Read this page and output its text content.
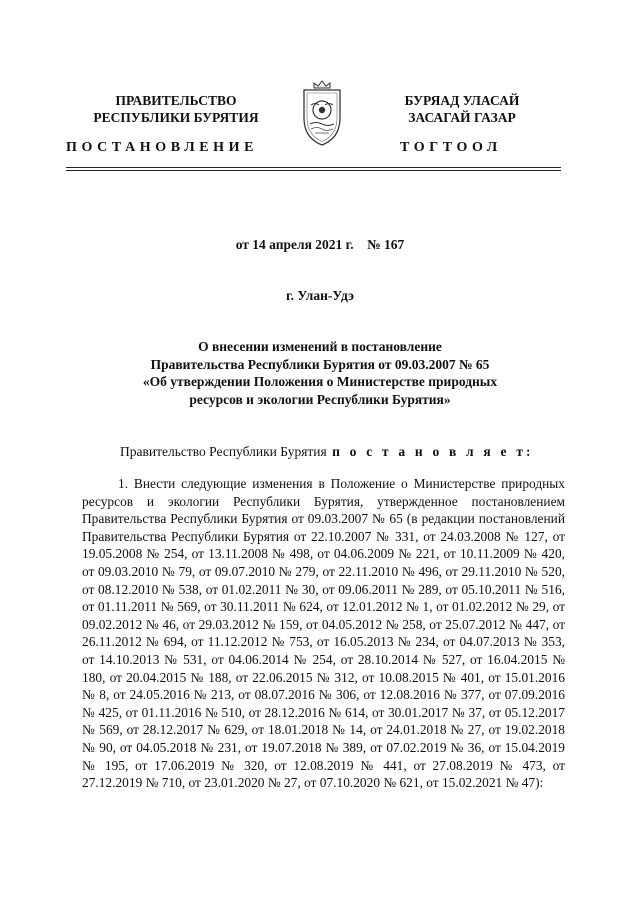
ПРАВИТЕЛЬСТВО
РЕСПУБЛИКИ БУРЯТИЯ
БУРЯАД УЛАСАЙ
ЗАСАГАЙ ГАЗАР
ПОСТАНОВЛЕНИЕ	ТОГТООЛ
от 14 апреля 2021 г.    № 167
г. Улан-Удэ
О внесении изменений в постановление
Правительства Республики Бурятия от 09.03.2007 № 65
«Об утверждении Положения о Министерстве природных
ресурсов и экологии Республики Бурятия»
Правительство Республики Бурятия п о с т а н о в л я е т:

1. Внести следующие изменения в Положение о Министерстве природных ресурсов и экологии Республики Бурятия, утвержденное постановлением Правительства Республики Бурятия от 09.03.2007 № 65 (в редакции постановлений Правительства Республики Бурятия от 22.10.2007 № 331, от 24.03.2008 № 127, от 19.05.2008 № 254, от 13.11.2008 № 498, от 04.06.2009 № 221, от 10.11.2009 № 420, от 09.03.2010 № 79, от 09.07.2010 № 279, от 22.11.2010 № 496, от 29.11.2010 № 520, от 08.12.2010 № 538, от 01.02.2011 № 30, от 09.06.2011 № 289, от 05.10.2011 № 516, от 01.11.2011 № 569, от 30.11.2011 № 624, от 12.01.2012 № 1, от 01.02.2012 № 29, от 09.02.2012 № 46, от 29.03.2012 № 159, от 04.05.2012 № 258, от 25.07.2012 № 447, от 26.11.2012 № 694, от 11.12.2012 № 753, от 16.05.2013 № 234, от 04.07.2013 № 353, от 14.10.2013 № 531, от 04.06.2014 № 254, от 28.10.2014 № 527, от 16.04.2015 № 180, от 20.04.2015 № 188, от 22.06.2015 № 312, от 10.08.2015 № 401, от 15.01.2016 № 8, от 24.05.2016 № 213, от 08.07.2016 № 306, от 12.08.2016 № 377, от 07.09.2016 № 425, от 01.11.2016 № 510, от 28.12.2016 № 614, от 30.01.2017 № 37, от 05.12.2017 № 569, от 28.12.2017 № 629, от 18.01.2018 № 14, от 24.01.2018 № 27, от 19.02.2018 № 90, от 04.05.2018 № 231, от 19.07.2018 № 389, от 07.02.2019 № 36, от 15.04.2019 № 195, от 17.06.2019 № 320, от 12.08.2019 № 441, от 27.08.2019 № 473, от 27.12.2019 № 710, от 23.01.2020 № 27, от 07.10.2020 № 621, от 15.02.2021 № 47):
